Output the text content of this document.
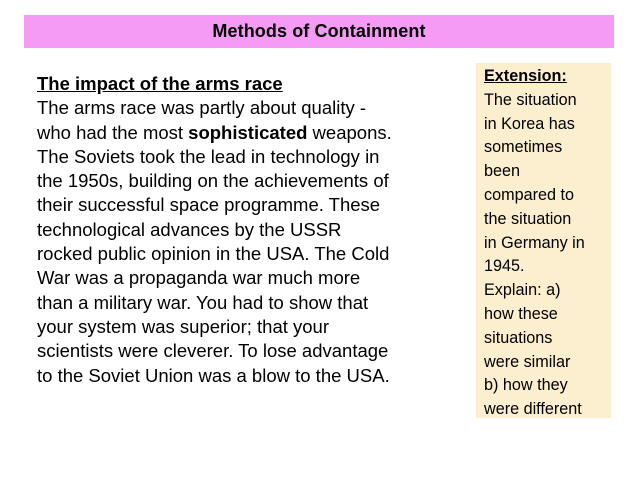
Methods of Containment
The impact of the arms race
The arms race was partly about quality -
who had the most sophisticated weapons.
The Soviets took the lead in technology in
the 1950s, building on the achievements of
their successful space programme. These
technological advances by the USSR
rocked public opinion in the USA. The Cold
War was a propaganda war much more
than a military war. You had to show that
your system was superior; that your
scientists were cleverer. To lose advantage
to the Soviet Union was a blow to the USA.
Extension:
The situation
in Korea has
sometimes
been
compared to
the situation
in Germany in
1945.
Explain: a)
how these
situations
were similar
b) how they
were different
